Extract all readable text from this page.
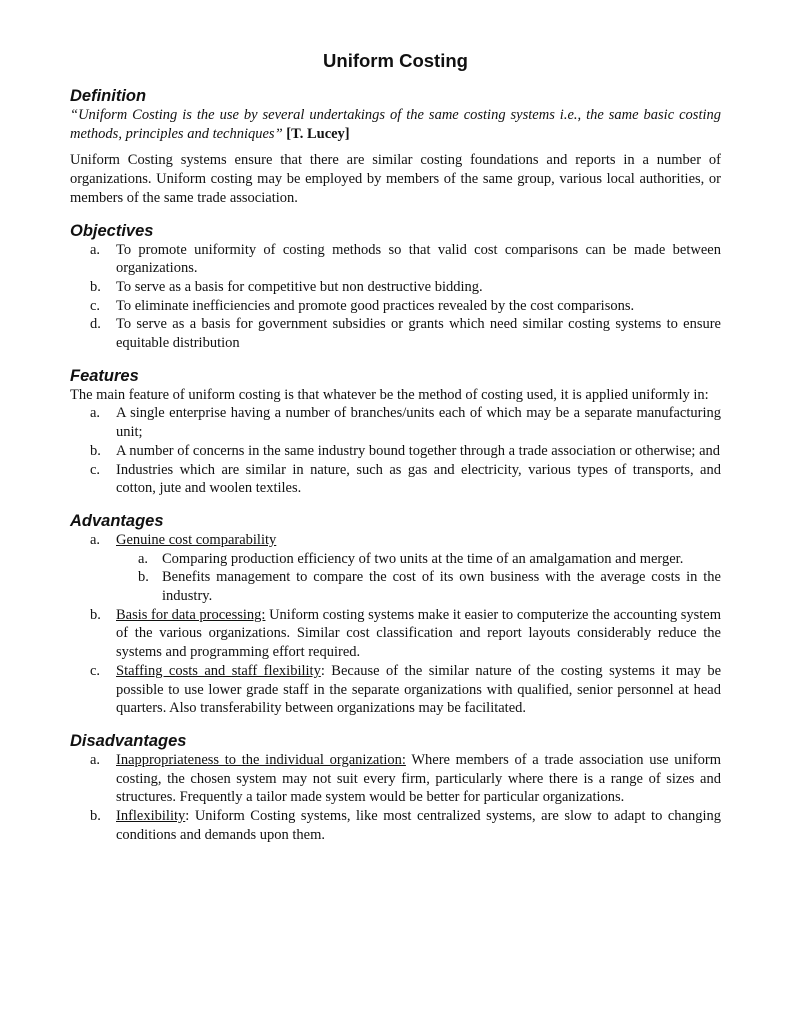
Uniform Costing
Definition

“Uniform Costing is the use by several undertakings of the same costing systems i.e., the same basic costing methods, principles and techniques” [T. Lucey]

Uniform Costing systems ensure that there are similar costing foundations and reports in a number of organizations. Uniform costing may be employed by members of the same group, various local authorities, or members of the same trade association.

Objectives
a.	To promote uniformity of costing methods so that valid cost comparisons can be made between organizations.
b.	To serve as a basis for competitive but non destructive bidding.
c.	To eliminate inefficiencies and promote good practices revealed by the cost comparisons.
d.	To serve as a basis for government subsidies or grants which need similar costing systems to ensure equitable distribution
Features

The main feature of uniform costing is that whatever be the method of costing used, it is applied uniformly in:

a.	A single enterprise having a number of branches/units each of which may be a separate manufacturing unit;
b.	A number of concerns in the same industry bound together through a trade association or otherwise; and
c.	Industries which are similar in nature, such as gas and electricity, various types of transports, and cotton, jute and woolen textiles.
Advantages
a.	Genuine cost comparability
a. Comparing production efficiency of two units at the time of an amalgamation and merger.
b. Benefits management to compare the cost of its own business with the average costs in the industry.
b.	Basis for data processing: Uniform costing systems make it easier to computerize the accounting system of the various organizations. Similar cost classification and report layouts considerably reduce the systems and programming effort required.
c.	Staffing costs and staff flexibility: Because of the similar nature of the costing systems it may be possible to use lower grade staff in the separate organizations with qualified, senior personnel at head quarters. Also transferability between organizations may be facilitated.
Disadvantages
a.	Inappropriateness to the individual organization: Where members of a trade association use uniform costing, the chosen system may not suit every firm, particularly where there is a range of sizes and structures. Frequently a tailor made system would be better for particular organizations.
b.	Inflexibility: Uniform Costing systems, like most centralized systems, are slow to adapt to changing conditions and demands upon them.
